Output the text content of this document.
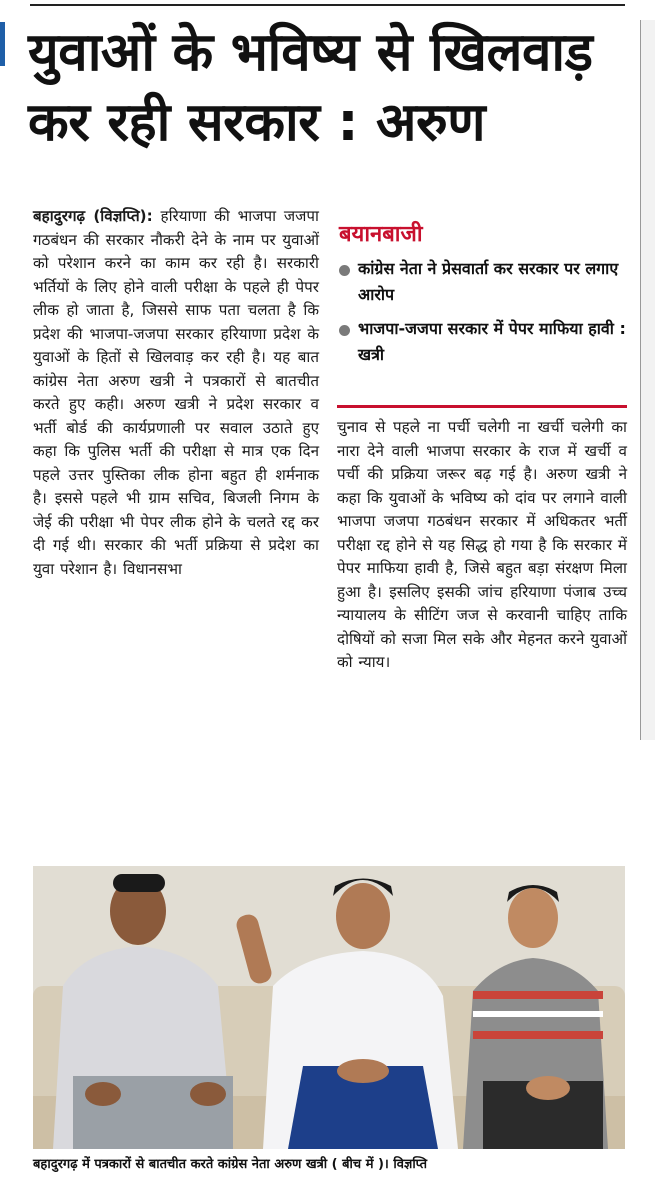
युवाओं के भविष्य से खिलवाड़
कर रही सरकार : अरुण

बहादुरगढ़ (विज्ञप्ति): हरियाणा की भाजपा जजपा गठबंधन की सरकार नौकरी देने के नाम पर युवाओं को परेशान करने का काम कर रही है। सरकारी भर्तियों के लिए होने वाली परीक्षा के पहले ही पेपर लीक हो जाता है, जिससे साफ पता चलता है कि प्रदेश की भाजपा-जजपा सरकार हरियाणा प्रदेश के युवाओं के हितों से खिलवाड़ कर रही है। यह बात कांग्रेस नेता अरुण खत्री ने पत्रकारों से बातचीत करते हुए कही। अरुण खत्री ने प्रदेश सरकार व भर्ती बोर्ड की कार्यप्रणाली पर सवाल उठाते हुए कहा कि पुलिस भर्ती की परीक्षा से मात्र एक दिन पहले उत्तर पुस्तिका लीक होना बहुत ही शर्मनाक है। इससे पहले भी ग्राम सचिव, बिजली निगम के जेई की परीक्षा भी पेपर लीक होने के चलते रद्द कर दी गई थी। सरकार की भर्ती प्रक्रिया से प्रदेश का युवा परेशान है। विधानसभा

बयानबाजी
कांग्रेस नेता ने प्रेसवार्ता कर सरकार पर लगाए आरोप
भाजपा-जजपा सरकार में पेपर माफिया हावी : खत्री

चुनाव से पहले ना पर्ची चलेगी ना खर्ची चलेगी का नारा देने वाली भाजपा सरकार के राज में खर्ची व पर्ची की प्रक्रिया जरूर बढ़ गई है। अरुण खत्री ने कहा कि युवाओं के भविष्य को दांव पर लगाने वाली भाजपा जजपा गठबंधन सरकार में अधिकतर भर्ती परीक्षा रद्द होने से यह सिद्ध हो गया है कि सरकार में पेपर माफिया हावी है, जिसे बहुत बड़ा संरक्षण मिला हुआ है। इसलिए इसकी जांच हरियाणा पंजाब उच्च न्यायालय के सीटिंग जज से करवानी चाहिए ताकि दोषियों को सजा मिल सके और मेहनत करने युवाओं को न्याय।

बहादुरगढ़ में पत्रकारों से बातचीत करते कांग्रेस नेता अरुण खत्री ( बीच में )। विज्ञप्ति
